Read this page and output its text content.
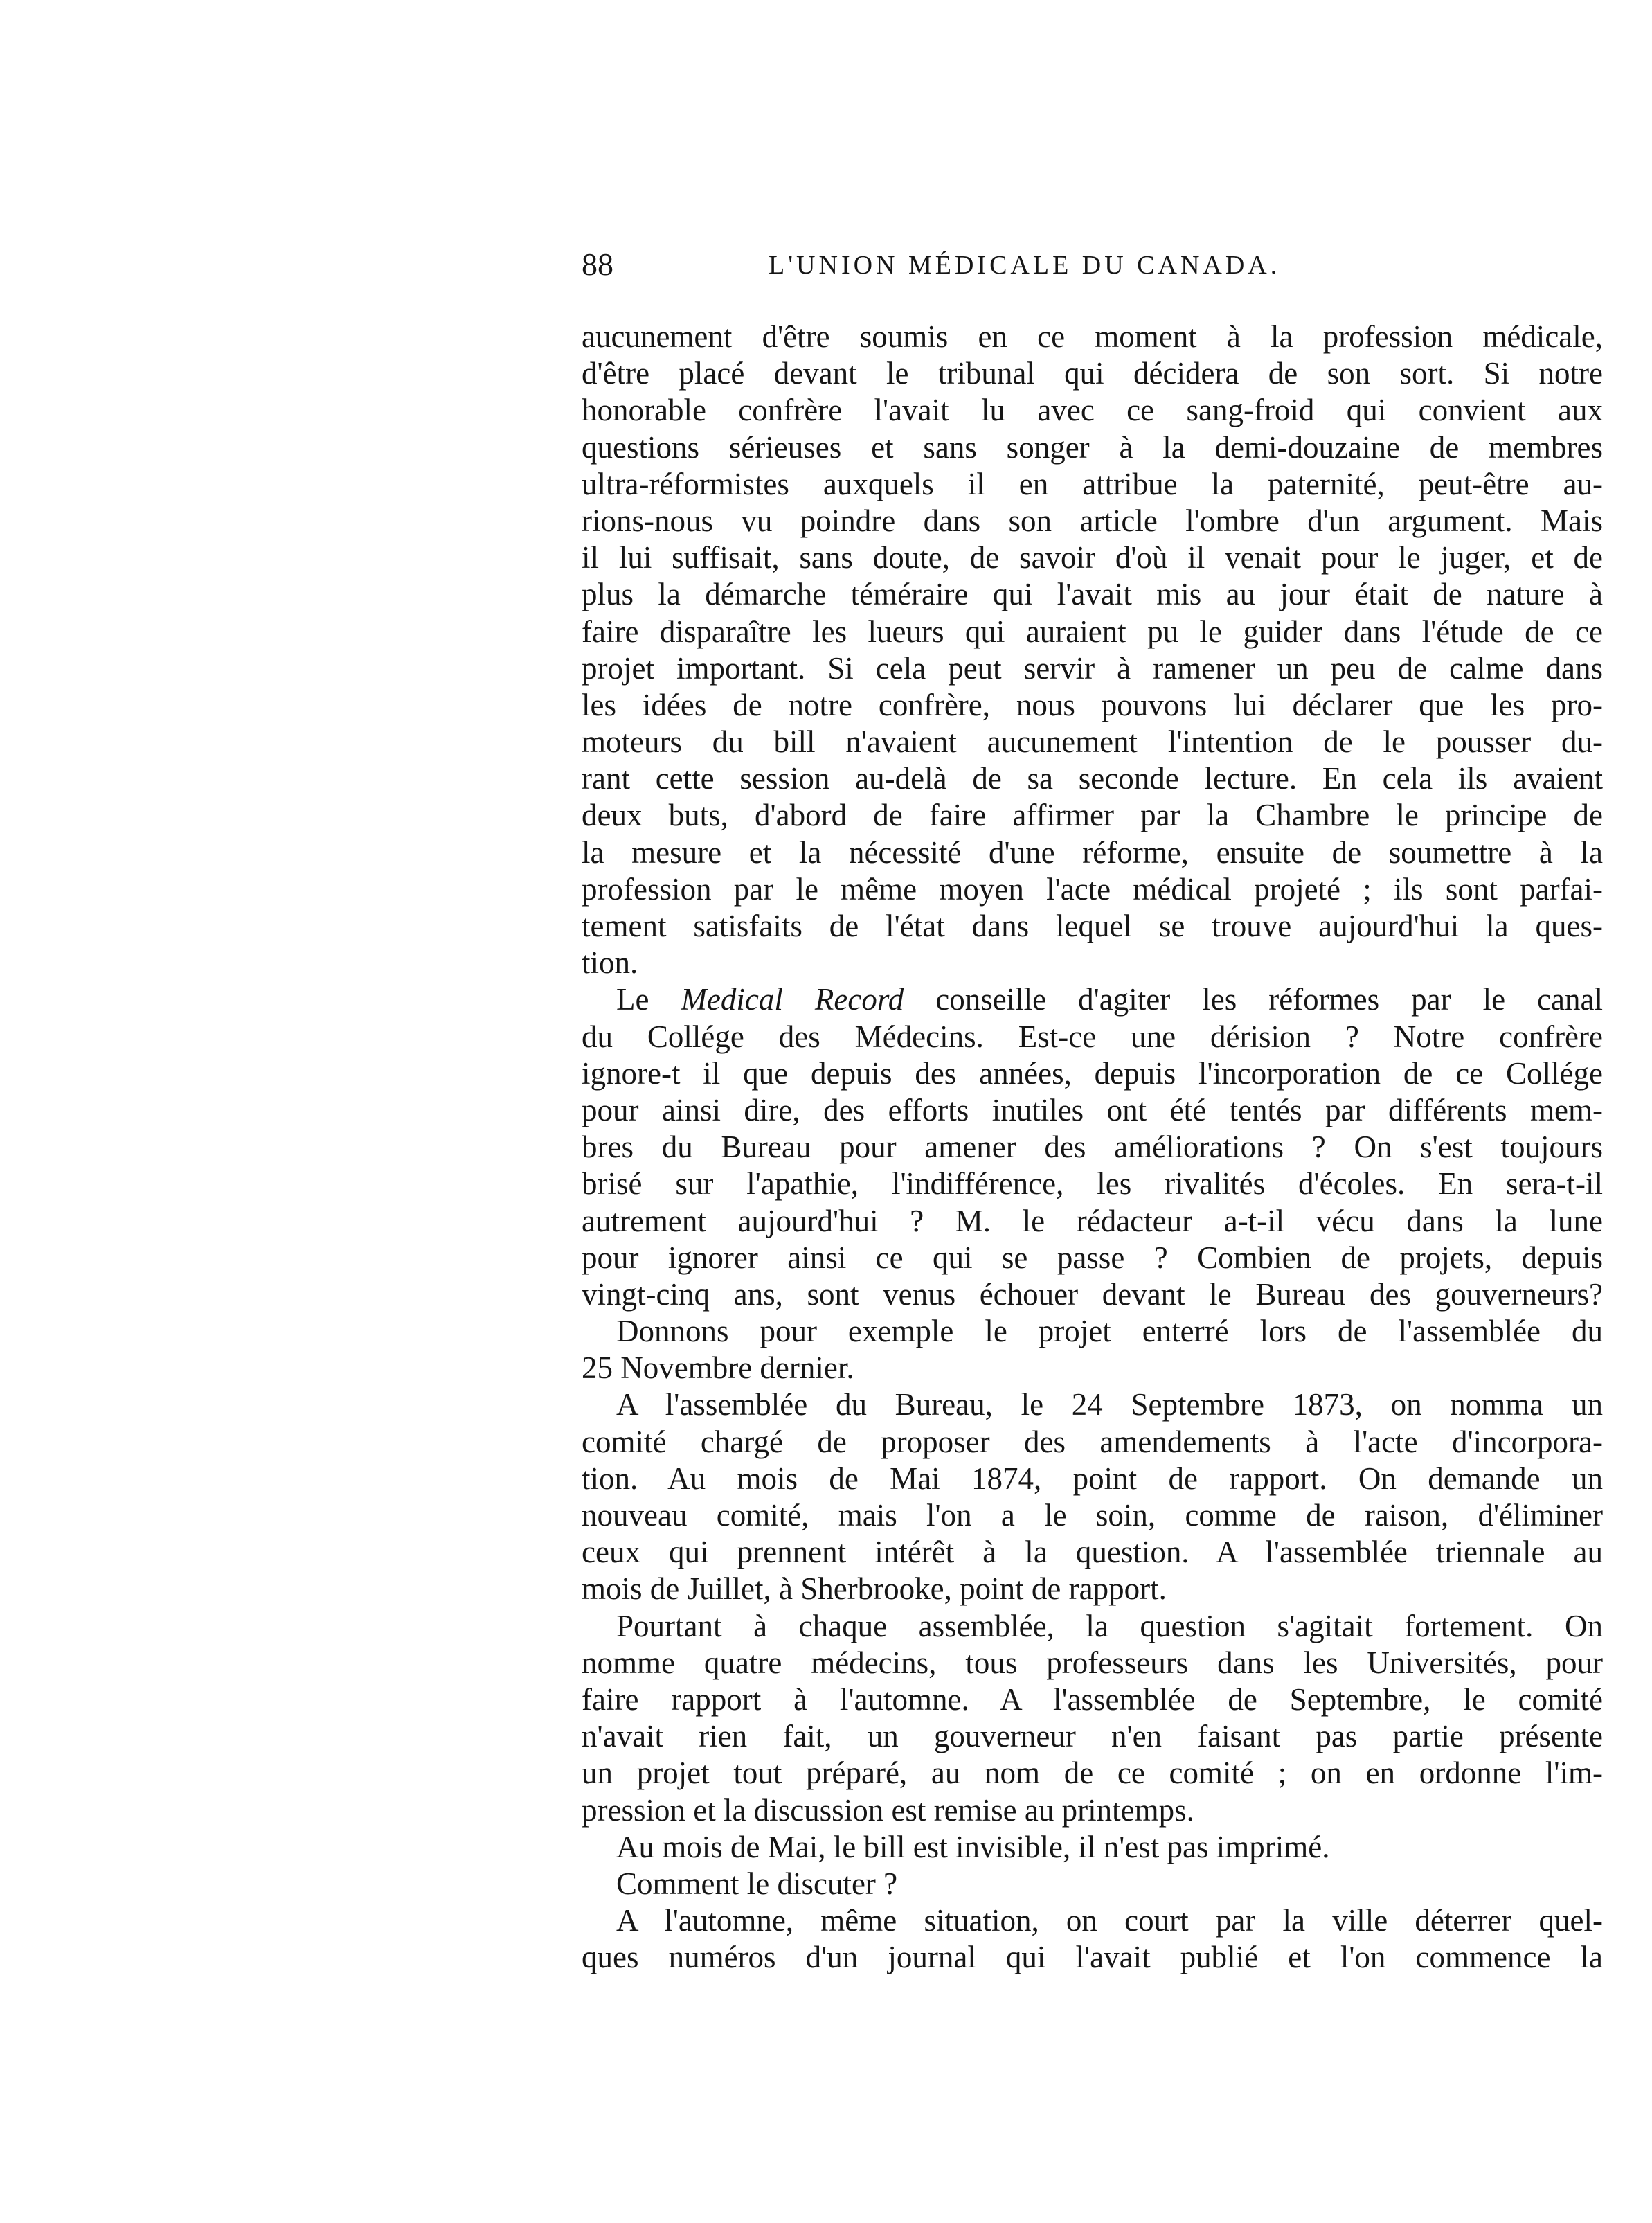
88	L'UNION MÉDICALE DU CANADA.
aucunement d'être soumis en ce moment à la profession médicale,
d'être placé devant le tribunal qui décidera de son sort. Si notre
honorable confrère l'avait lu avec ce sang-froid qui convient aux
questions sérieuses et sans songer à la demi-douzaine de membres
ultra-réformistes auxquels il en attribue la paternité, peut-être au-
rions-nous vu poindre dans son article l'ombre d'un argument. Mais
il lui suffisait, sans doute, de savoir d'où il venait pour le juger, et de
plus la démarche téméraire qui l'avait mis au jour était de nature à
faire disparaître les lueurs qui auraient pu le guider dans l'étude de ce
projet important. Si cela peut servir à ramener un peu de calme dans
les idées de notre confrère, nous pouvons lui déclarer que les pro-
moteurs du bill n'avaient aucunement l'intention de le pousser du-
rant cette session au-delà de sa seconde lecture. En cela ils avaient
deux buts, d'abord de faire affirmer par la Chambre le principe de
la mesure et la nécessité d'une réforme, ensuite de soumettre à la
profession par le même moyen l'acte médical projeté ; ils sont parfai-
tement satisfaits de l'état dans lequel se trouve aujourd'hui la ques-
tion.
Le Medical Record conseille d'agiter les réformes par le canal
du Collége des Médecins. Est-ce une dérision ? Notre confrère
ignore-t il que depuis des années, depuis l'incorporation de ce Collége
pour ainsi dire, des efforts inutiles ont été tentés par différents mem-
bres du Bureau pour amener des améliorations ? On s'est toujours
brisé sur l'apathie, l'indifférence, les rivalités d'écoles. En sera-t-il
autrement aujourd'hui ? M. le rédacteur a-t-il vécu dans la lune
pour ignorer ainsi ce qui se passe ? Combien de projets, depuis
vingt-cinq ans, sont venus échouer devant le Bureau des gouverneurs?
Donnons pour exemple le projet enterré lors de l'assemblée du
25 Novembre dernier.
A l'assemblée du Bureau, le 24 Septembre 1873, on nomma un
comité chargé de proposer des amendements à l'acte d'incorpora-
tion. Au mois de Mai 1874, point de rapport. On demande un
nouveau comité, mais l'on a le soin, comme de raison, d'éliminer
ceux qui prennent intérêt à la question. A l'assemblée triennale au
mois de Juillet, à Sherbrooke, point de rapport.
Pourtant à chaque assemblée, la question s'agitait fortement. On
nomme quatre médecins, tous professeurs dans les Universités, pour
faire rapport à l'automne. A l'assemblée de Septembre, le comité
n'avait rien fait, un gouverneur n'en faisant pas partie présente
un projet tout préparé, au nom de ce comité ; on en ordonne l'im-
pression et la discussion est remise au printemps.
Au mois de Mai, le bill est invisible, il n'est pas imprimé.
Comment le discuter ?
A l'automne, même situation, on court par la ville déterrer quel-
ques numéros d'un journal qui l'avait publié et l'on commence la
